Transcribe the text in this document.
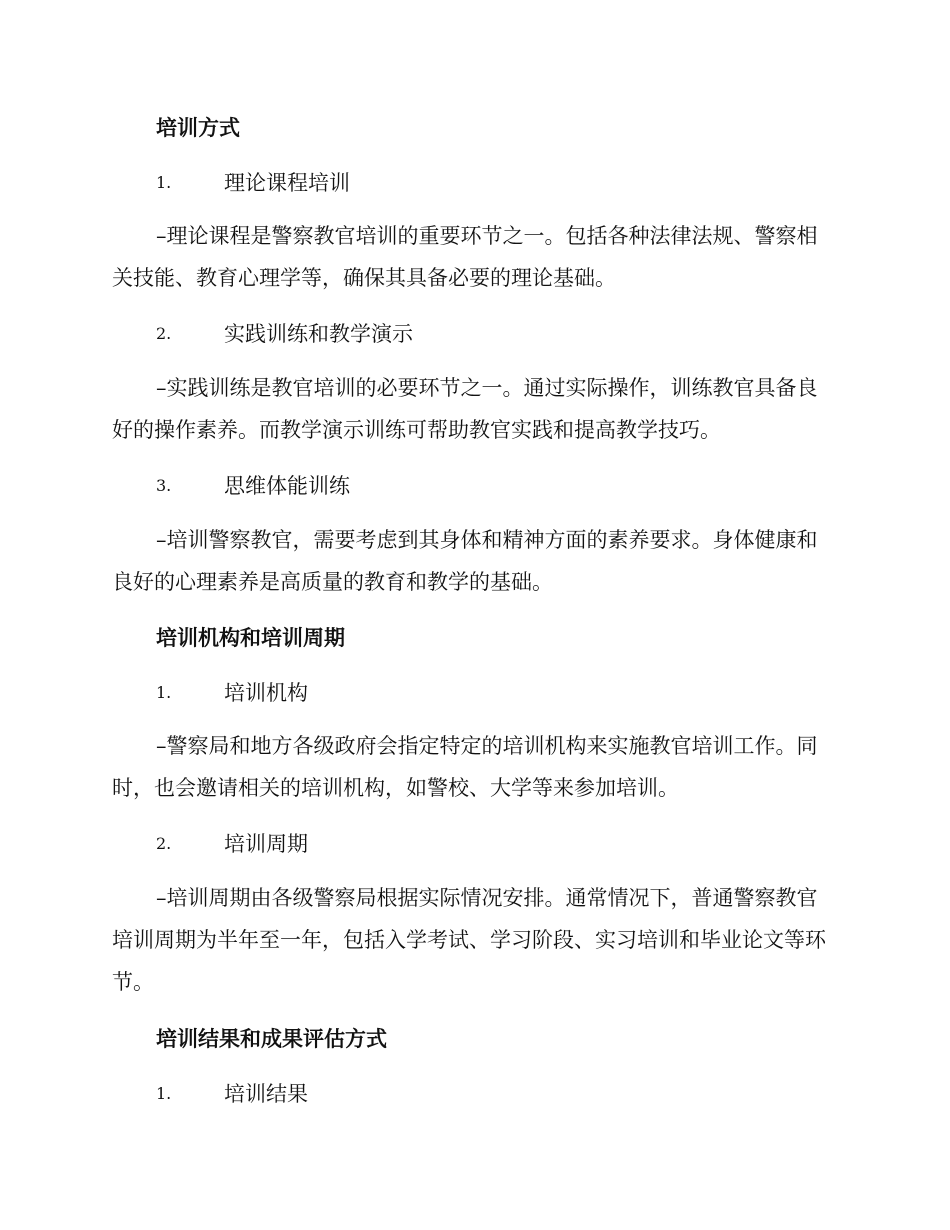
培训方式
1.	理论课程培训

–理论课程是警察教官培训的重要环节之一。包括各种法律法规、警察相关技能、教育心理学等，确保其具备必要的理论基础。

2.	实践训练和教学演示

–实践训练是教官培训的必要环节之一。通过实际操作，训练教官具备良好的操作素养。而教学演示训练可帮助教官实践和提高教学技巧。

3.	思维体能训练

–培训警察教官，需要考虑到其身体和精神方面的素养要求。身体健康和良好的心理素养是高质量的教育和教学的基础。

培训机构和培训周期
1.	培训机构

–警察局和地方各级政府会指定特定的培训机构来实施教官培训工作。同时，也会邀请相关的培训机构，如警校、大学等来参加培训。

2.	培训周期

–培训周期由各级警察局根据实际情况安排。通常情况下，普通警察教官培训周期为半年至一年，包括入学考试、学习阶段、实习培训和毕业论文等环节。

培训结果和成果评估方式
1.	培训结果
